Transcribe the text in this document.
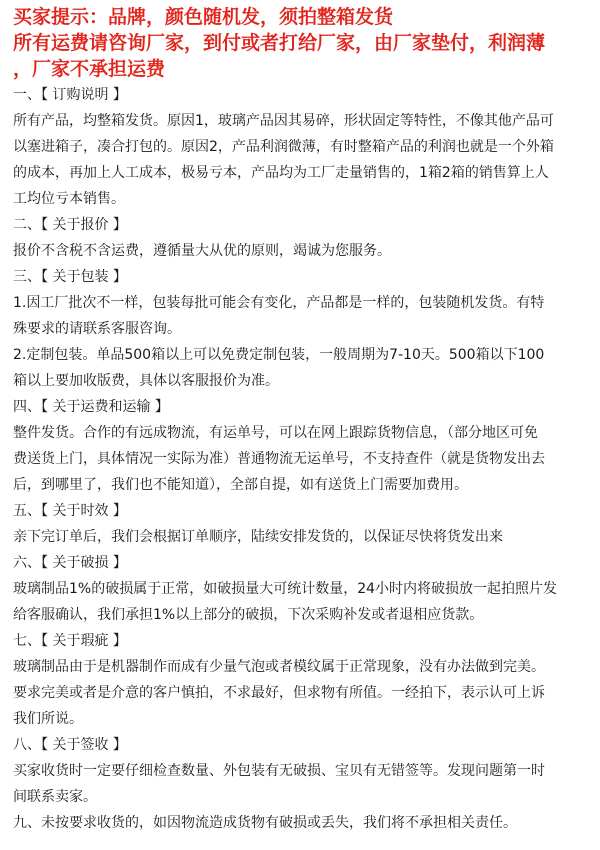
买家提示：品牌，颜色随机发，须拍整箱发货
所有运费请咨询厂家，到付或者打给厂家，由厂家垫付，利润薄
，厂家不承担运费
一、【 订购说明 】
所有产品，均整箱发货。原因1，玻璃产品因其易碎，形状固定等特性，不像其他产品可
以塞进箱子，凑合打包的。原因2，产品利润微薄，有时整箱产品的利润也就是一个外箱
的成本，再加上人工成本，极易亏本，产品均为工厂走量销售的，1箱2箱的销售算上人
工均位亏本销售。
二、【 关于报价 】
报价不含税不含运费，遵循量大从优的原则，竭诚为您服务。
三、【 关于包装 】
1.因工厂批次不一样，包装每批可能会有变化，产品都是一样的，包装随机发货。有特
殊要求的请联系客服咨询。
2.定制包装。单品500箱以上可以免费定制包装，一般周期为7-10天。500箱以下100
箱以上要加收版费，具体以客服报价为准。
四、【 关于运费和运输 】
整件发货。合作的有远成物流，有运单号，可以在网上跟踪货物信息，（部分地区可免
费送货上门，具体情况一实际为准）普通物流无运单号，不支持查件（就是货物发出去
后，到哪里了，我们也不能知道），全部自提，如有送货上门需要加费用。
五、【 关于时效 】
亲下完订单后，我们会根据订单顺序，陆续安排发货的，以保证尽快将货发出来
六、【 关于破损 】
玻璃制品1%的破损属于正常，如破损量大可统计数量，24小时内将破损放一起拍照片发
给客服确认，我们承担1%以上部分的破损，下次采购补发或者退相应货款。
七、【 关于瑕疵 】
玻璃制品由于是机器制作而成有少量气泡或者模纹属于正常现象，没有办法做到完美。
要求完美或者是介意的客户慎拍，不求最好，但求物有所值。一经拍下，表示认可上诉
我们所说。
八、【 关于签收 】
买家收货时一定要仔细检查数量、外包装有无破损、宝贝有无错签等。发现问题第一时
间联系卖家。
九、未按要求收货的，如因物流造成货物有破损或丢失，我们将不承担相关责任。
